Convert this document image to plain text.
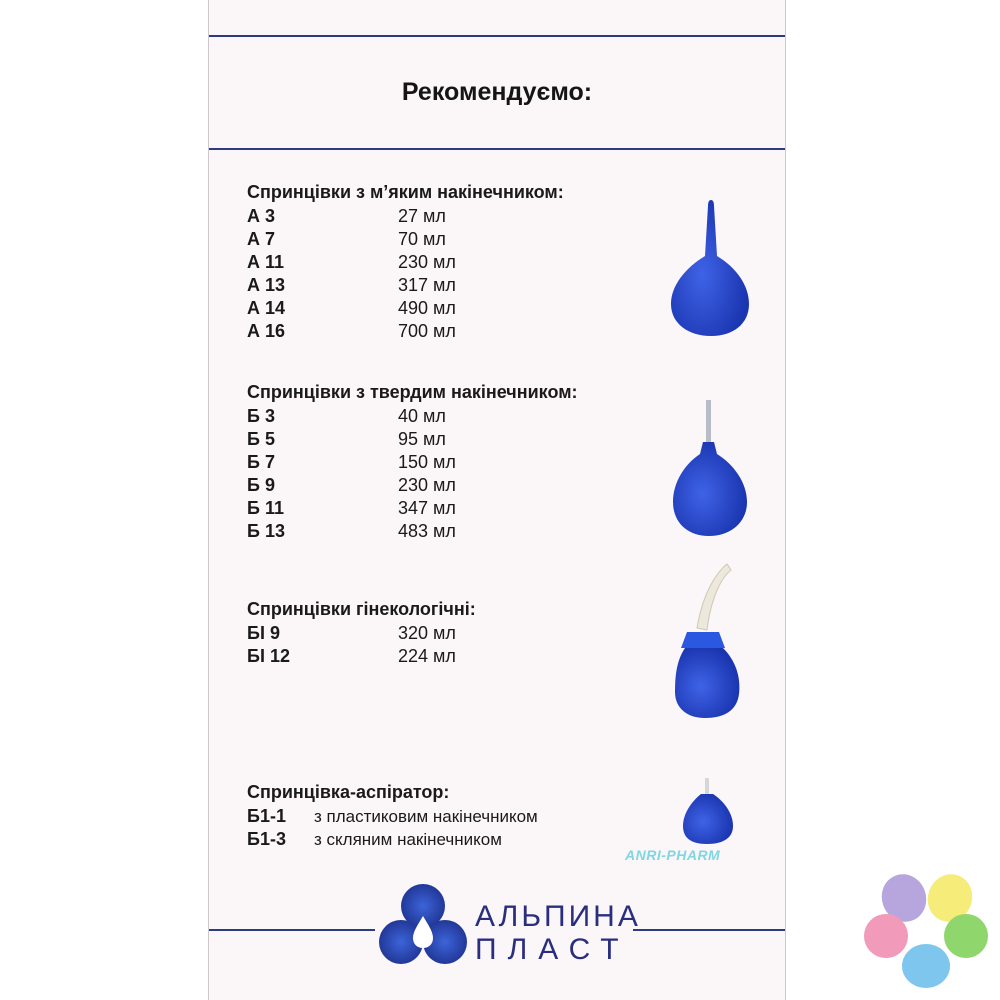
Рекомендуємо:
Спринцівки з м’яким накінечником:
А 3	27 мл
А 7	70 мл
А 11	230 мл
А 13	317 мл
А 14	490 мл
А 16	700 мл
Спринцівки з твердим накінечником:
Б 3	40 мл
Б 5	95 мл
Б 7	150 мл
Б 9	230 мл
Б 11	347 мл
Б 13	483 мл
Спринцівки гінекологічні:
БІ 9	320 мл
БІ 12	224 мл
Спринцівка-аспіратор:
Б1-1	з пластиковим накінечником
Б1-3	з скляним накінечником
ANRI-PHARM
АЛЬПИНА
ПЛАСТ
